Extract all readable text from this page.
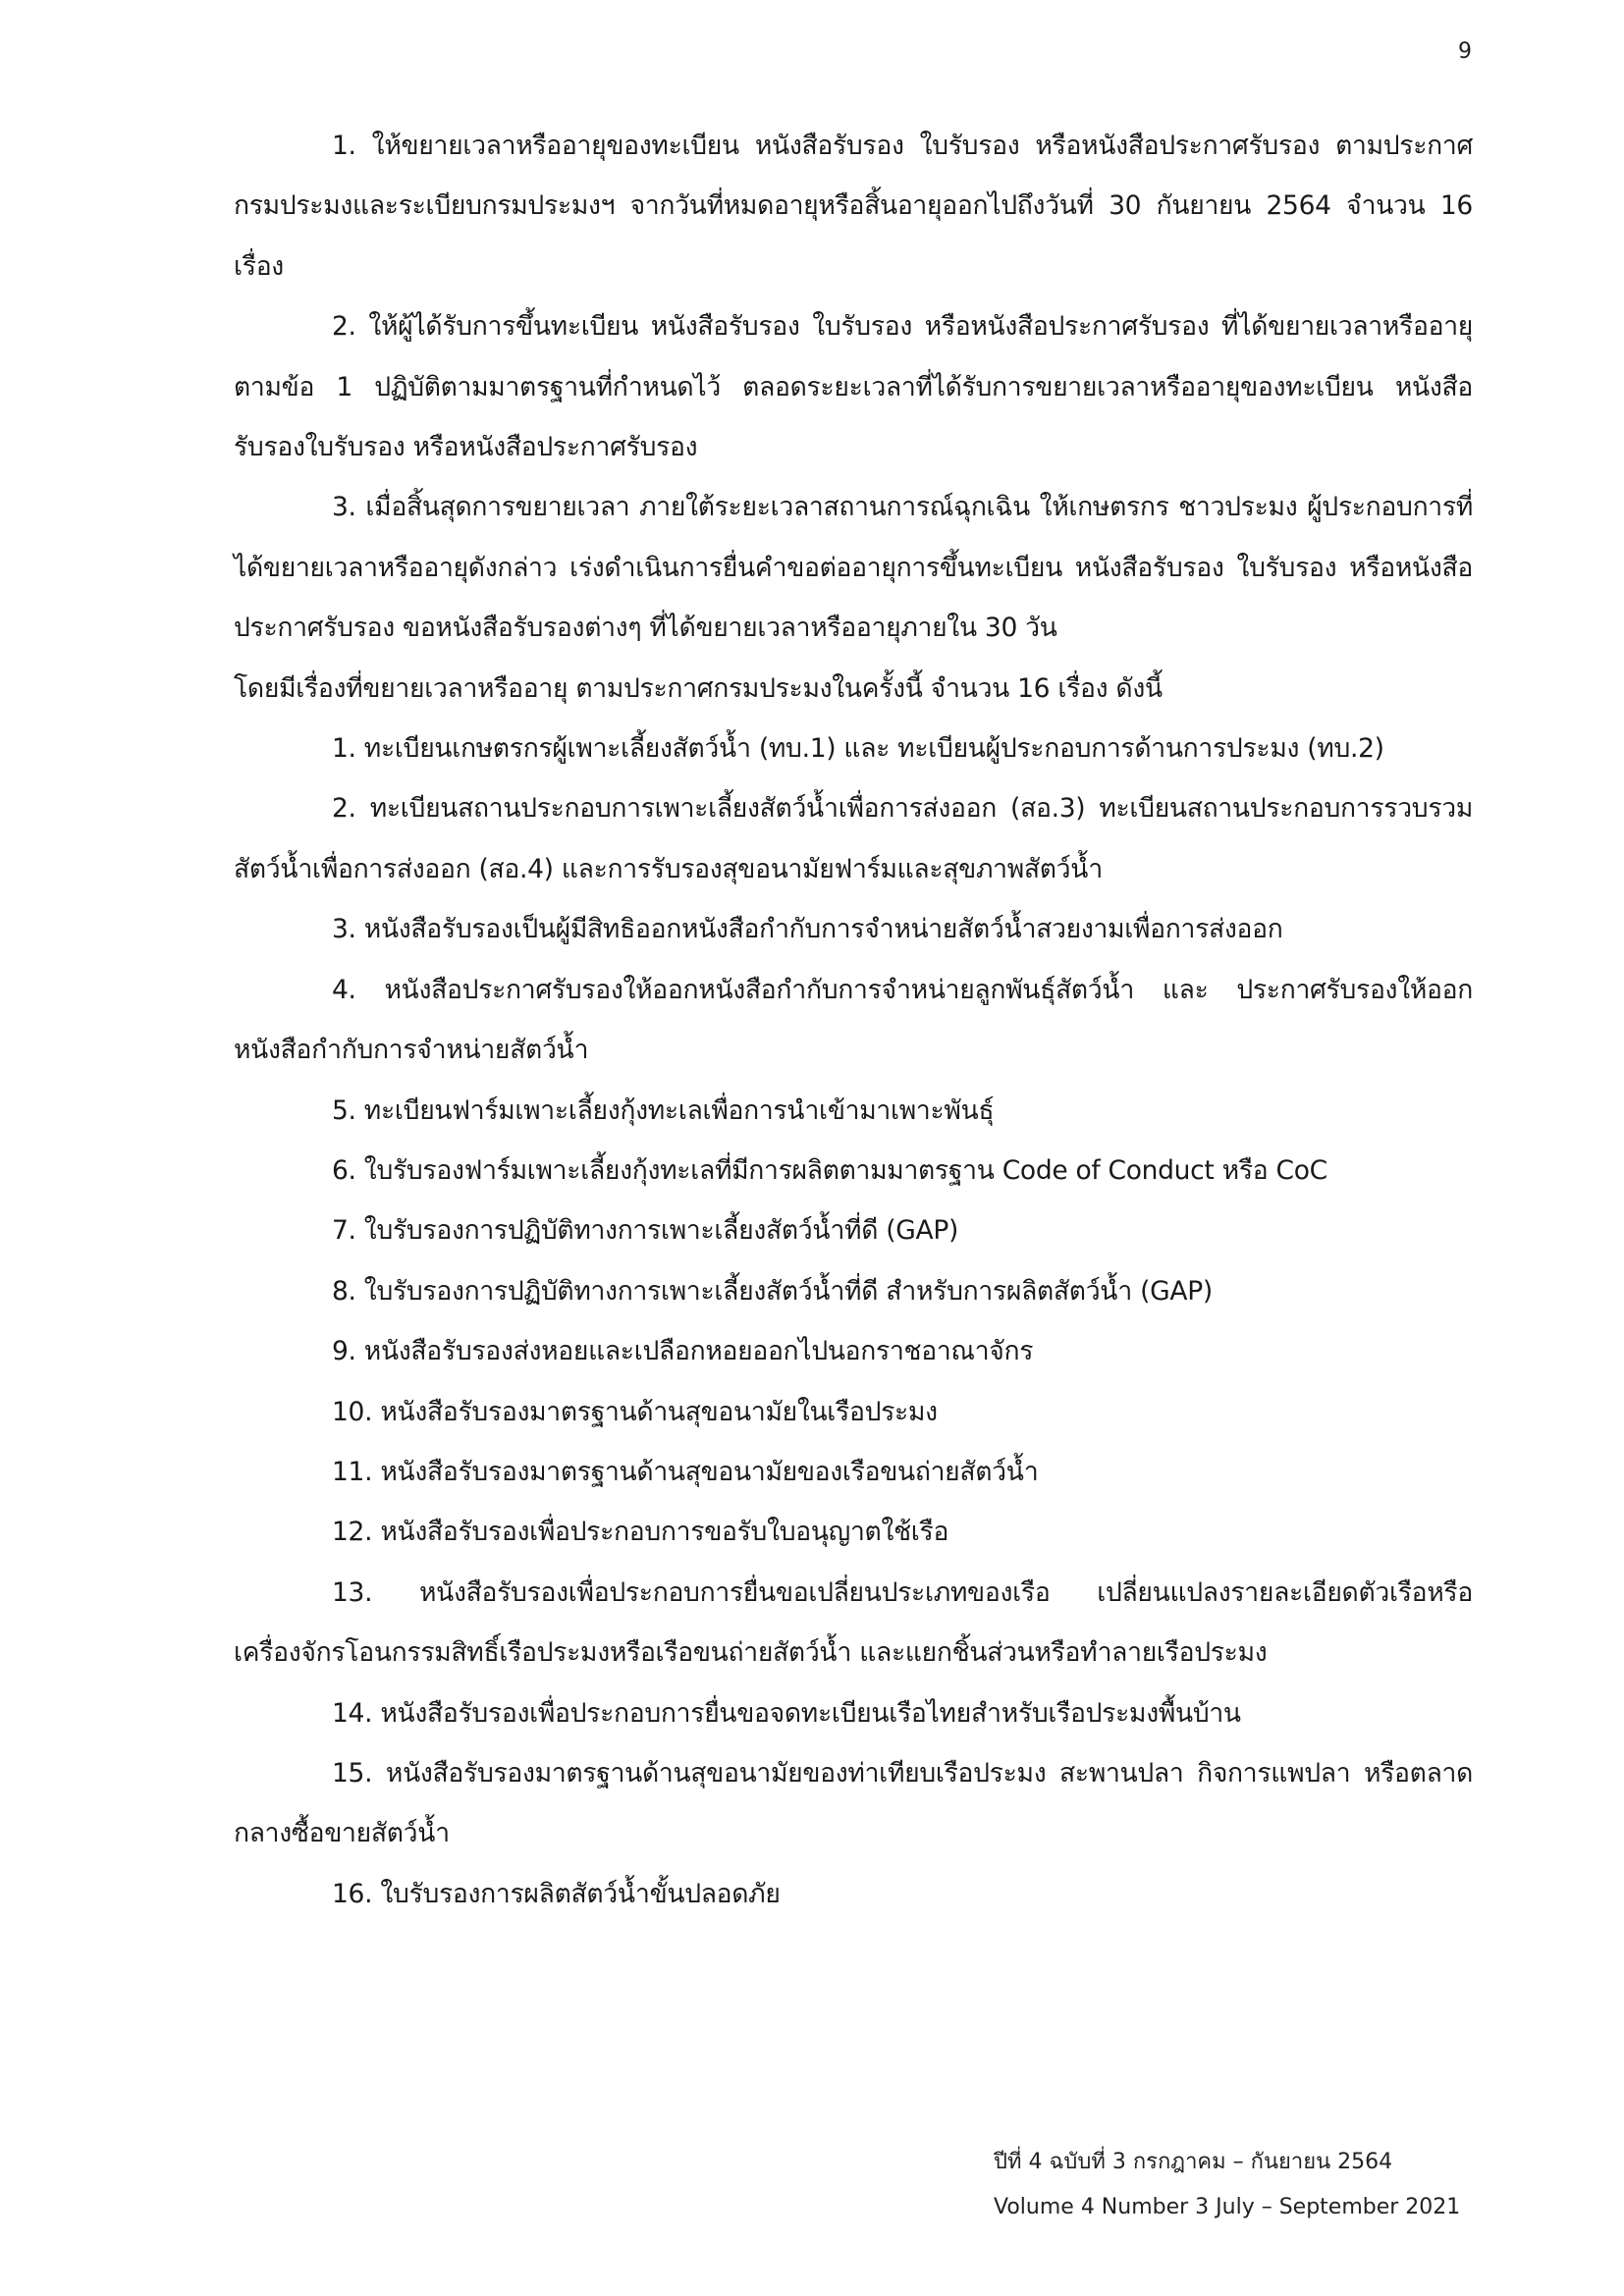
9

1. ให้ขยายเวลาหรืออายุของทะเบียน หนังสือรับรอง ใบรับรอง หรือหนังสือประกาศรับรอง ตามประกาศกรมประมงและระเบียบกรมประมงฯ จากวันที่หมดอายุหรือสิ้นอายุออกไปถึงวันที่ 30 กันยายน 2564 จำนวน 16 เรื่อง

2. ให้ผู้ได้รับการขึ้นทะเบียน หนังสือรับรอง ใบรับรอง หรือหนังสือประกาศรับรอง ที่ได้ขยายเวลาหรืออายุตามข้อ 1 ปฏิบัติตามมาตรฐานที่กำหนดไว้ ตลอดระยะเวลาที่ได้รับการขยายเวลาหรืออายุของทะเบียน หนังสือรับรองใบรับรอง หรือหนังสือประกาศรับรอง

3. เมื่อสิ้นสุดการขยายเวลา ภายใต้ระยะเวลาสถานการณ์ฉุกเฉิน ให้เกษตรกร ชาวประมง ผู้ประกอบการที่ได้ขยายเวลาหรืออายุดังกล่าว เร่งดำเนินการยื่นคำขอต่ออายุการขึ้นทะเบียน หนังสือรับรอง ใบรับรอง หรือหนังสือประกาศรับรอง ขอหนังสือรับรองต่างๆ ที่ได้ขยายเวลาหรืออายุภายใน 30 วัน

โดยมีเรื่องที่ขยายเวลาหรืออายุ ตามประกาศกรมประมงในครั้งนี้ จำนวน 16 เรื่อง ดังนี้

1. ทะเบียนเกษตรกรผู้เพาะเลี้ยงสัตว์น้ำ (ทบ.1) และ ทะเบียนผู้ประกอบการด้านการประมง (ทบ.2)

2. ทะเบียนสถานประกอบการเพาะเลี้ยงสัตว์น้ำเพื่อการส่งออก (สอ.3) ทะเบียนสถานประกอบการรวบรวมสัตว์น้ำเพื่อการส่งออก (สอ.4) และการรับรองสุขอนามัยฟาร์มและสุขภาพสัตว์น้ำ

3. หนังสือรับรองเป็นผู้มีสิทธิออกหนังสือกำกับการจำหน่ายสัตว์น้ำสวยงามเพื่อการส่งออก

4. หนังสือประกาศรับรองให้ออกหนังสือกำกับการจำหน่ายลูกพันธุ์สัตว์น้ำ และ ประกาศรับรองให้ออกหนังสือกำกับการจำหน่ายสัตว์น้ำ

5. ทะเบียนฟาร์มเพาะเลี้ยงกุ้งทะเลเพื่อการนำเข้ามาเพาะพันธุ์

6. ใบรับรองฟาร์มเพาะเลี้ยงกุ้งทะเลที่มีการผลิตตามมาตรฐาน Code of Conduct หรือ CoC

7. ใบรับรองการปฏิบัติทางการเพาะเลี้ยงสัตว์น้ำที่ดี (GAP)

8. ใบรับรองการปฏิบัติทางการเพาะเลี้ยงสัตว์น้ำที่ดี สำหรับการผลิตสัตว์น้ำ (GAP)

9. หนังสือรับรองส่งหอยและเปลือกหอยออกไปนอกราชอาณาจักร

10. หนังสือรับรองมาตรฐานด้านสุขอนามัยในเรือประมง

11. หนังสือรับรองมาตรฐานด้านสุขอนามัยของเรือขนถ่ายสัตว์น้ำ

12. หนังสือรับรองเพื่อประกอบการขอรับใบอนุญาตใช้เรือ

13. หนังสือรับรองเพื่อประกอบการยื่นขอเปลี่ยนประเภทของเรือ เปลี่ยนแปลงรายละเอียดตัวเรือหรือเครื่องจักรโอนกรรมสิทธิ์เรือประมงหรือเรือขนถ่ายสัตว์น้ำ และแยกชิ้นส่วนหรือทำลายเรือประมง

14. หนังสือรับรองเพื่อประกอบการยื่นขอจดทะเบียนเรือไทยสำหรับเรือประมงพื้นบ้าน

15. หนังสือรับรองมาตรฐานด้านสุขอนามัยของท่าเทียบเรือประมง สะพานปลา กิจการแพปลา หรือตลาดกลางซื้อขายสัตว์น้ำ

16. ใบรับรองการผลิตสัตว์น้ำขั้นปลอดภัย

ปีที่ 4 ฉบับที่ 3 กรกฎาคม – กันยายน 2564
Volume 4 Number 3 July – September 2021
